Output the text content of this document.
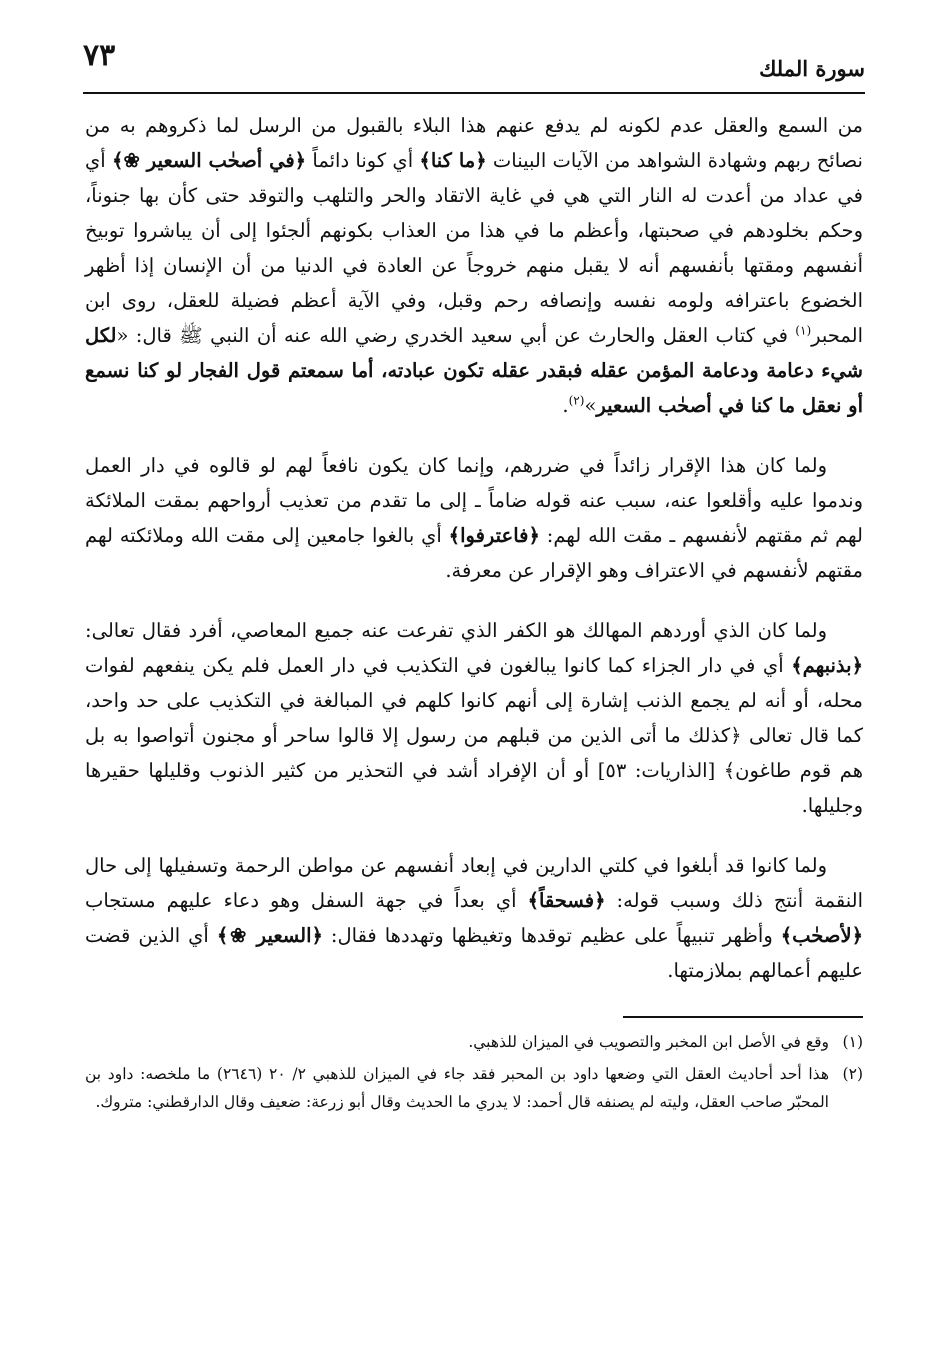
سورة الملك
٧٣

من السمع والعقل عدم لكونه لم يدفع عنهم هذا البلاء بالقبول من الرسل لما ذكروهم به من نصائح ربهم وشهادة الشواهد من الآيات البينات ﴿ما كنا﴾ أي كونا دائماً ﴿في أصحٰب السعير ❀﴾ أي في عداد من أعدت له النار التي هي في غاية الاتقاد والحر والتلهب والتوقد حتى كأن بها جنوناً، وحكم بخلودهم في صحبتها، وأعظم ما في هذا من العذاب بكونهم ألجئوا إلى أن يباشروا توبيخ أنفسهم ومقتها بأنفسهم أنه لا يقبل منهم خروجاً عن العادة في الدنيا من أن الإنسان إذا أظهر الخضوع باعترافه ولومه نفسه وإنصافه رحم وقبل، وفي الآية أعظم فضيلة للعقل، روى ابن المحبر$^{(١)}$ في كتاب العقل والحارث عن أبي سعيد الخدري رضي الله عنه أن النبي ﷺ قال: «لكل شيء دعامة ودعامة المؤمن عقله فبقدر عقله تكون عبادته، أما سمعتم قول الفجار لو كنا نسمع أو نعقل ما كنا في أصحٰب السعير»$^{(٢)}$.

ولما كان هذا الإقرار زائداً في ضررهم، وإنما كان يكون نافعاً لهم لو قالوه في دار العمل وندموا عليه وأقلعوا عنه، سبب عنه قوله ضاماً ـ إلى ما تقدم من تعذيب أرواحهم بمقت الملائكة لهم ثم مقتهم لأنفسهم ـ مقت الله لهم: ﴿فاعترفوا﴾ أي بالغوا جامعين إلى مقت الله وملائكته لهم مقتهم لأنفسهم في الاعتراف وهو الإقرار عن معرفة.

ولما كان الذي أوردهم المهالك هو الكفر الذي تفرعت عنه جميع المعاصي، أفرد فقال تعالى: ﴿بذنبهم﴾ أي في دار الجزاء كما كانوا يبالغون في التكذيب في دار العمل فلم يكن ينفعهم لفوات محله، أو أنه لم يجمع الذنب إشارة إلى أنهم كانوا كلهم في المبالغة في التكذيب على حد واحد، كما قال تعالى ﴿كذلك ما أتى الذين من قبلهم من رسول إلا قالوا ساحر أو مجنون أتواصوا به بل هم قوم طاغون﴾ [الذاريات: ٥٣] أو أن الإفراد أشد في التحذير من كثير الذنوب وقليلها حقيرها وجليلها.

ولما كانوا قد أبلغوا في كلتي الدارين في إبعاد أنفسهم عن مواطن الرحمة وتسفيلها إلى حال النقمة أنتج ذلك وسبب قوله: ﴿فسحقاً﴾ أي بعداً في جهة السفل وهو دعاء عليهم مستجاب ﴿لأصحٰب﴾ وأظهر تنبيهاً على عظيم توقدها وتغيظها وتهددها فقال: ﴿السعير ❀﴾ أي الذين قضت عليهم أعمالهم بملازمتها.

(١)وقع في الأصل ابن المخبر والتصويب في الميزان للذهبي.
(٢)هذا أحد أحاديث العقل التي وضعها داود بن المحبر فقد جاء في الميزان للذهبي ٢/ ٢٠ (٢٦٤٦) ما ملخصه: داود بن المحبّر صاحب العقل، وليته لم يصنفه قال أحمد: لا يدري ما الحديث وقال أبو زرعة: ضعيف وقال الدارقطني: متروك.
